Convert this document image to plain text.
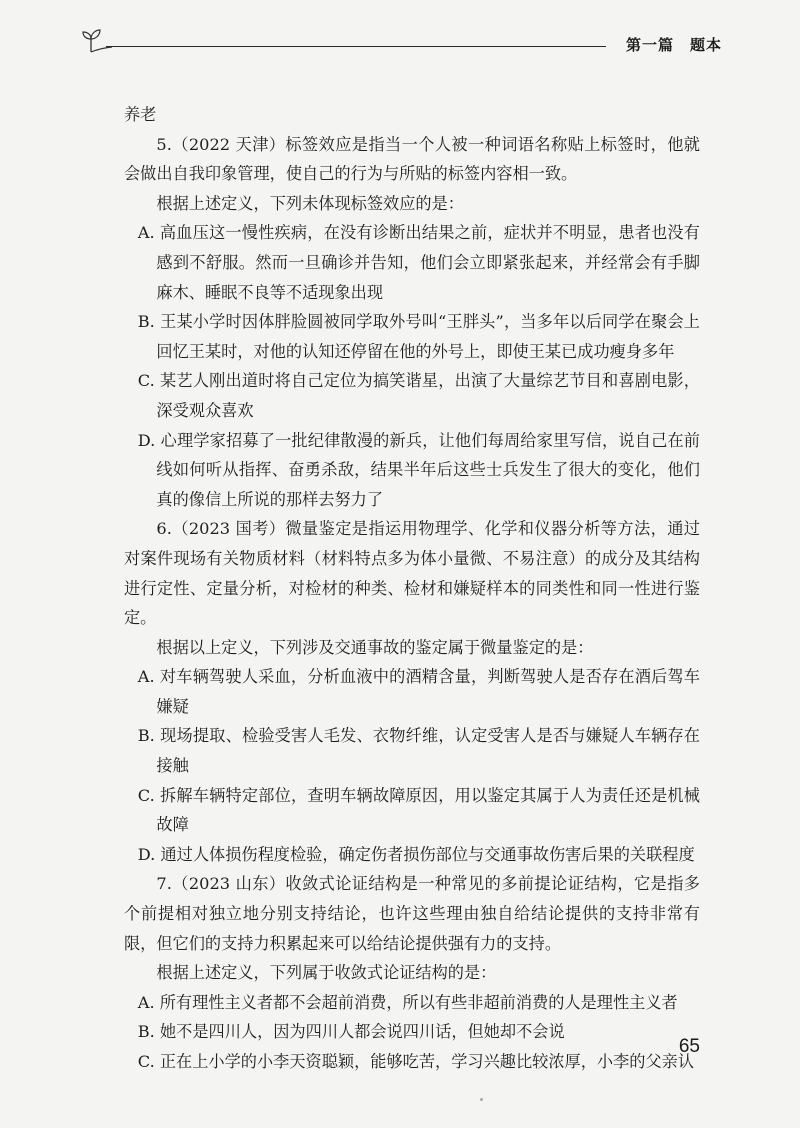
第一篇　题本

养老

5.（2022 天津）标签效应是指当一个人被一种词语名称贴上标签时，他就会做出自我印象管理，使自己的行为与所贴的标签内容相一致。

根据上述定义，下列未体现标签效应的是：

A. 高血压这一慢性疾病，在没有诊断出结果之前，症状并不明显，患者也没有感到不舒服。然而一旦确诊并告知，他们会立即紧张起来，并经常会有手脚麻木、睡眠不良等不适现象出现

B. 王某小学时因体胖脸圆被同学取外号叫“王胖头”，当多年以后同学在聚会上回忆王某时，对他的认知还停留在他的外号上，即使王某已成功瘦身多年

C. 某艺人刚出道时将自己定位为搞笑谐星，出演了大量综艺节目和喜剧电影，深受观众喜欢

D. 心理学家招募了一批纪律散漫的新兵，让他们每周给家里写信，说自己在前线如何听从指挥、奋勇杀敌，结果半年后这些士兵发生了很大的变化，他们真的像信上所说的那样去努力了

6.（2023 国考）微量鉴定是指运用物理学、化学和仪器分析等方法，通过对案件现场有关物质材料（材料特点多为体小量微、不易注意）的成分及其结构进行定性、定量分析，对检材的种类、检材和嫌疑样本的同类性和同一性进行鉴定。

根据以上定义，下列涉及交通事故的鉴定属于微量鉴定的是：

A. 对车辆驾驶人采血，分析血液中的酒精含量，判断驾驶人是否存在酒后驾车嫌疑

B. 现场提取、检验受害人毛发、衣物纤维，认定受害人是否与嫌疑人车辆存在接触

C. 拆解车辆特定部位，查明车辆故障原因，用以鉴定其属于人为责任还是机械故障

D. 通过人体损伤程度检验，确定伤者损伤部位与交通事故伤害后果的关联程度

7.（2023 山东）收敛式论证结构是一种常见的多前提论证结构，它是指多个前提相对独立地分别支持结论，也许这些理由独自给结论提供的支持非常有限，但它们的支持力积累起来可以给结论提供强有力的支持。

根据上述定义，下列属于收敛式论证结构的是：

A. 所有理性主义者都不会超前消费，所以有些非超前消费的人是理性主义者

B. 她不是四川人，因为四川人都会说四川话，但她却不会说

C. 正在上小学的小李天资聪颖，能够吃苦，学习兴趣比较浓厚，小李的父亲认

65
